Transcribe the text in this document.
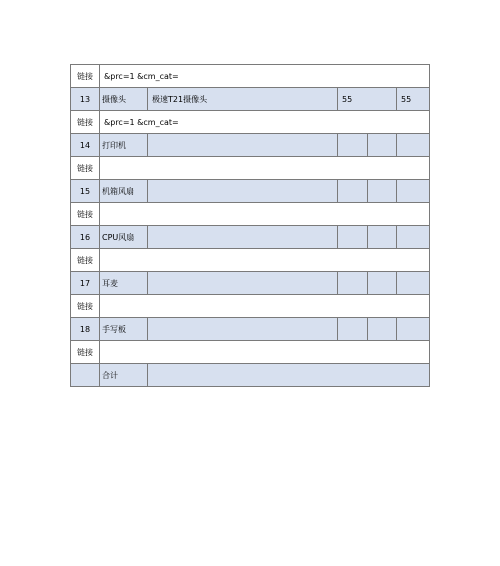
链接	&prc=1 &cm_cat=				
13	摄像头	极速T21摄像头	55		55
链接	&prc=1 &cm_cat=				
14	打印机				
链接					
15	机箱风扇				
链接					
16	CPU风扇				
链接					
17	耳麦				
链接					
18	手写板				
链接					
	合计				
